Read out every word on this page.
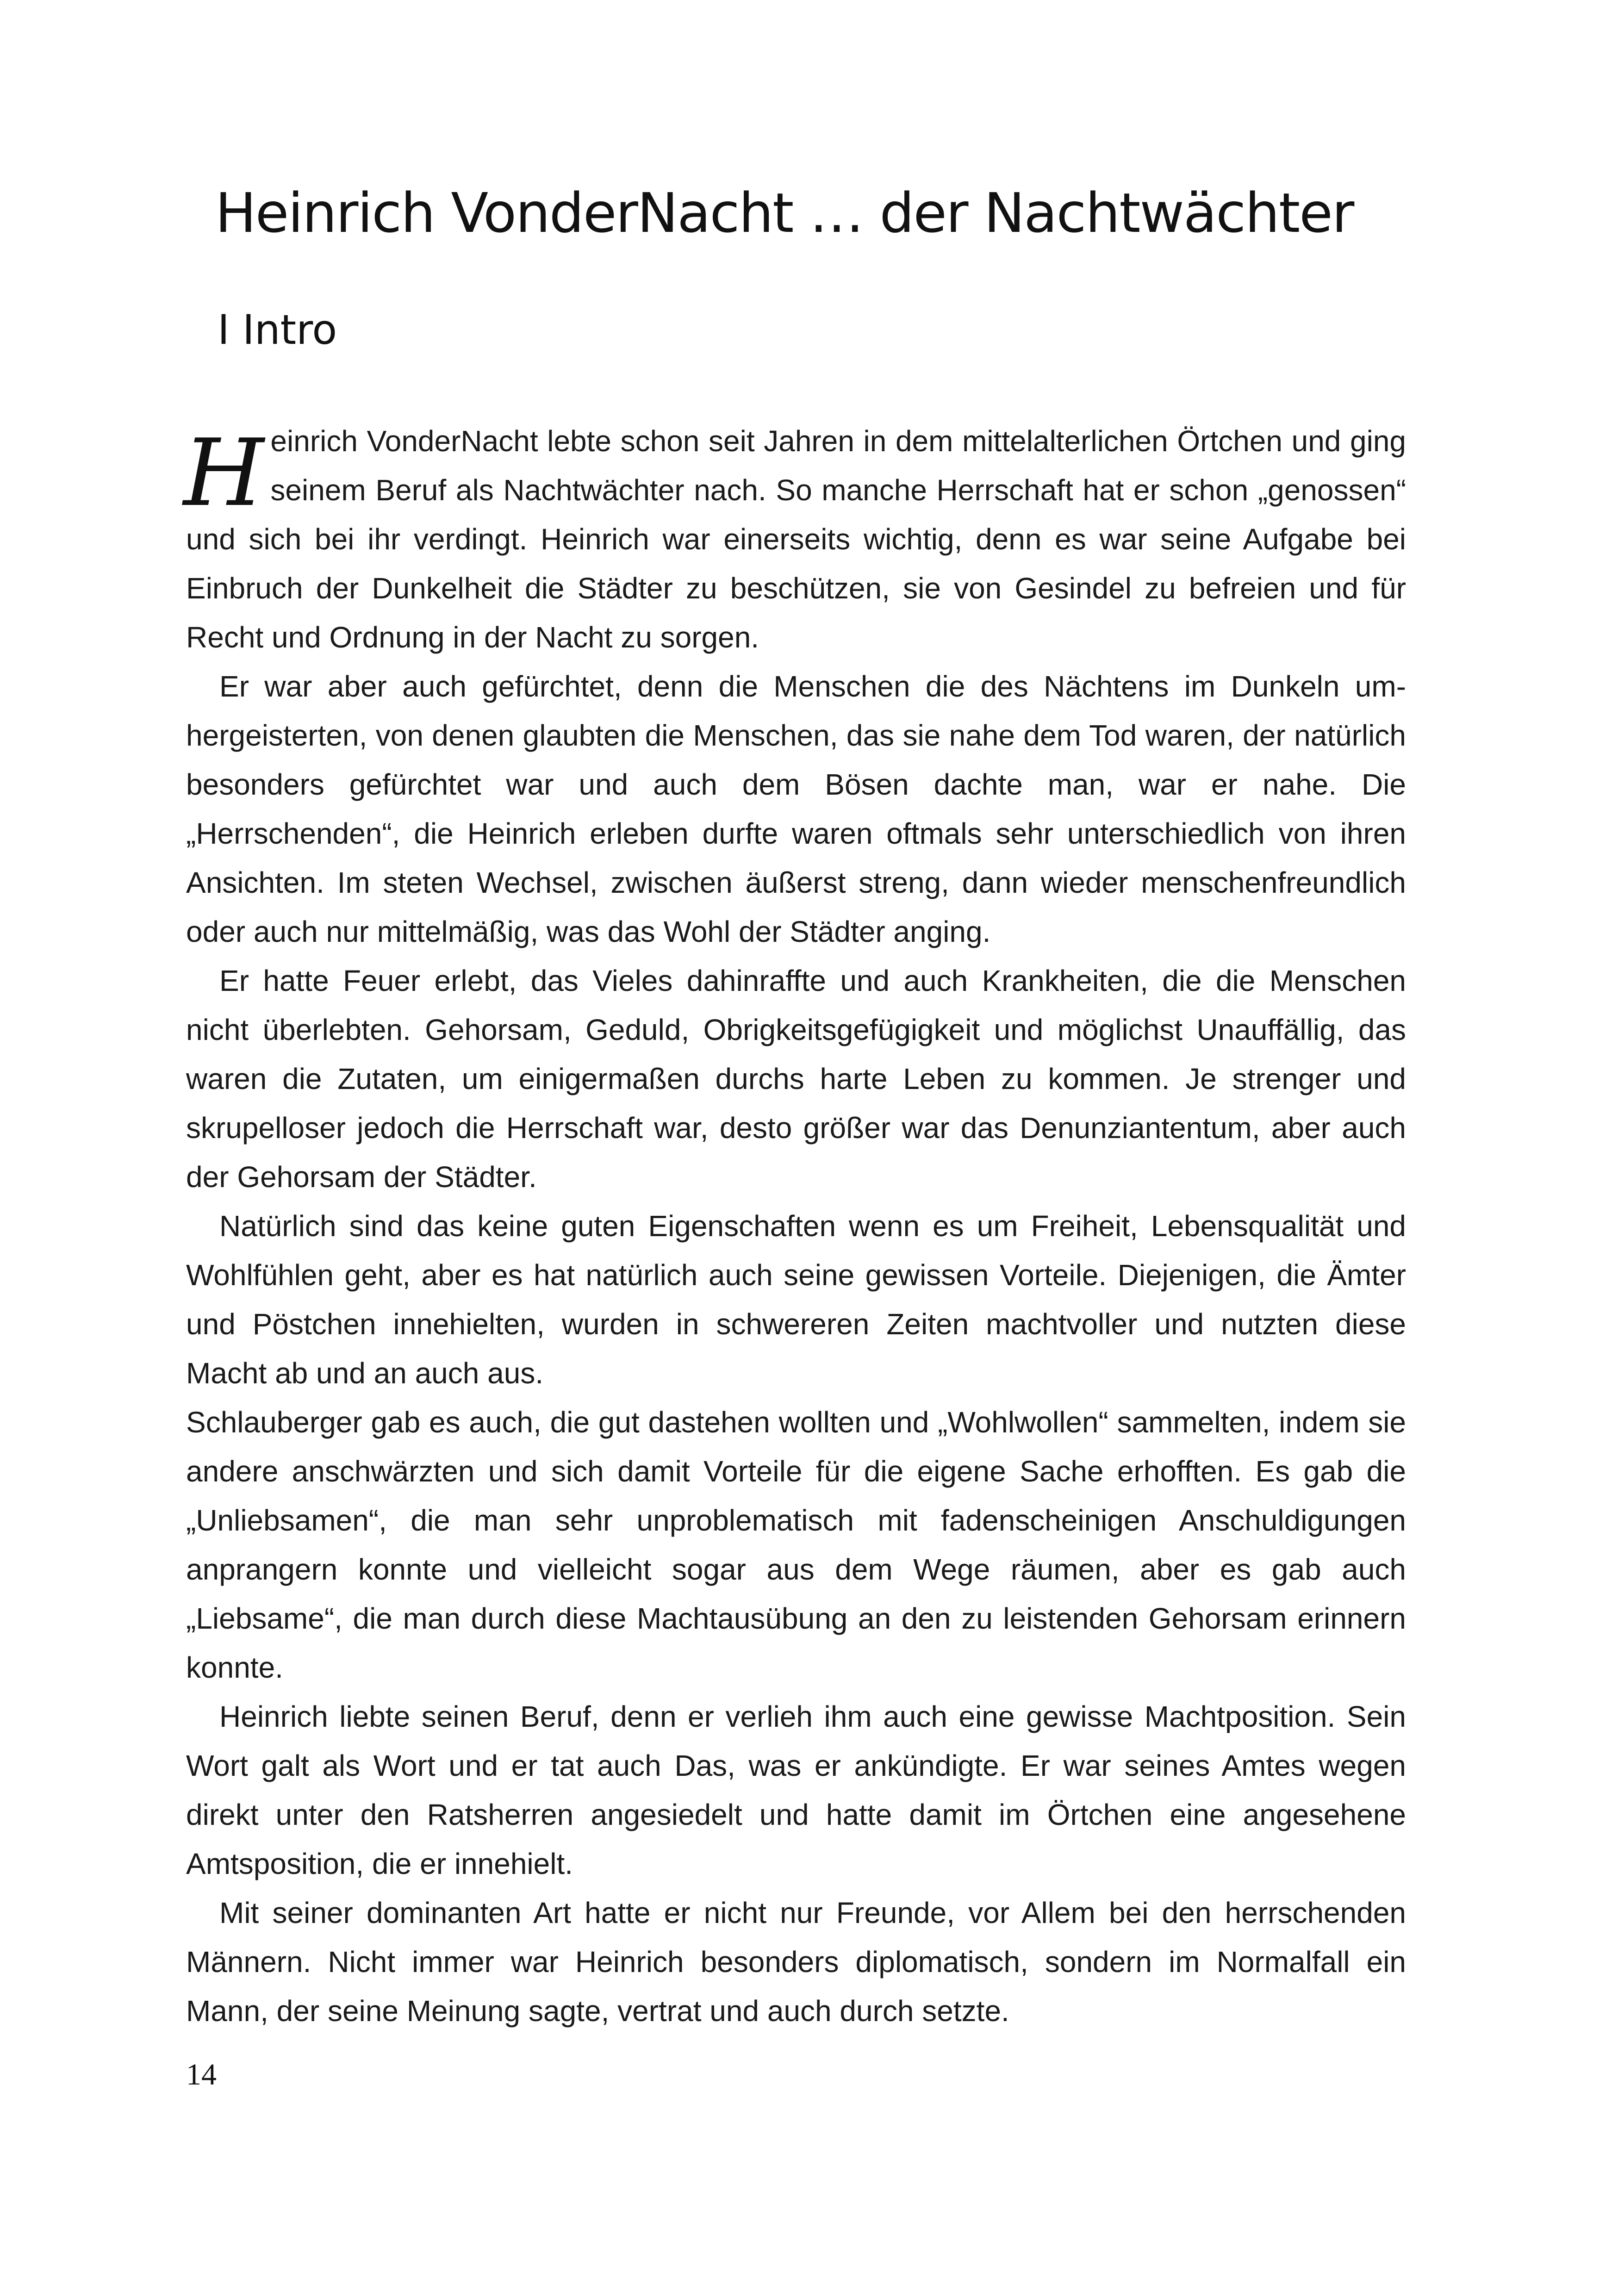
Heinrich VonderNacht … der Nachtwächter
I Intro

Heinrich VonderNacht lebte schon seit Jahren in dem mittelalterlichen Örtchen und ging seinem Beruf als Nachtwächter nach. So manche Herrschaft hat er schon „genossen“ und sich bei ihr verdingt. Heinrich war einerseits wichtig, denn es war seine Aufgabe bei Einbruch der Dunkelheit die Städter zu beschützen, sie von Gesindel zu befreien und für Recht und Ordnung in der Nacht zu sorgen.

Er war aber auch gefürchtet, denn die Menschen die des Nächtens im Dunkeln umhergeisterten, von denen glaubten die Menschen, das sie nahe dem Tod waren, der natürlich besonders gefürchtet war und auch dem Bösen dachte man, war er nahe. Die „Herrschenden“, die Heinrich erleben durfte waren oftmals sehr unterschiedlich von ihren Ansichten. Im steten Wechsel, zwischen äußerst streng, dann wieder menschenfreundlich oder auch nur mittelmäßig, was das Wohl der Städter anging.

Er hatte Feuer erlebt, das Vieles dahinraffte und auch Krankheiten, die die Menschen nicht überlebten. Gehorsam, Geduld, Obrigkeitsgefügigkeit und möglichst Unauffällig, das waren die Zutaten, um einigermaßen durchs harte Leben zu kommen. Je strenger und skrupelloser jedoch die Herrschaft war, desto größer war das Denunziantentum, aber auch der Gehorsam der Städter.

Natürlich sind das keine guten Eigenschaften wenn es um Freiheit, Lebensqualität und Wohlfühlen geht, aber es hat natürlich auch seine gewissen Vorteile. Diejenigen, die Ämter und Pöstchen innehielten, wurden in schwereren Zeiten machtvoller und nutzten diese Macht ab und an auch aus.

Schlauberger gab es auch, die gut dastehen wollten und „Wohlwollen“ sammelten, indem sie andere anschwärzten und sich damit Vorteile für die eigene Sache erhofften. Es gab die „Unliebsamen“, die man sehr unproblematisch mit fadenscheinigen Anschuldigungen anprangern konnte und vielleicht sogar aus dem Wege räumen, aber es gab auch „Liebsame“, die man durch diese Machtausübung an den zu leistenden Gehorsam erinnern konnte.

Heinrich liebte seinen Beruf, denn er verlieh ihm auch eine gewisse Machtposition. Sein Wort galt als Wort und er tat auch Das, was er ankündigte. Er war seines Amtes wegen direkt unter den Ratsherren angesiedelt und hatte damit im Örtchen eine angesehene Amtsposition, die er innehielt.

Mit seiner dominanten Art hatte er nicht nur Freunde, vor Allem bei den herrschenden Männern. Nicht immer war Heinrich besonders diplomatisch, sondern im Normalfall ein Mann, der seine Meinung sagte, vertrat und auch durch setzte.

14
